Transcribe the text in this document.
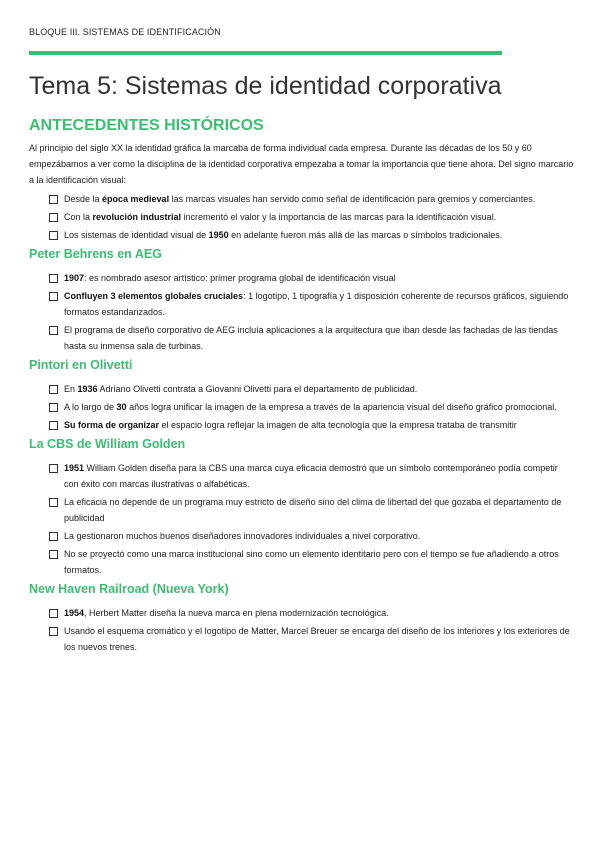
BLOQUE III. SISTEMAS DE IDENTIFICACIÓN
Tema 5: Sistemas de identidad corporativa
ANTECEDENTES HISTÓRICOS

Al principio del siglo XX la identidad gráfica la marcaba de forma individual cada empresa. Durante las décadas de los 50 y 60 empezábamos a ver como la disciplina de la identidad corporativa empezaba a tomar la importancia que tiene ahora. Del signo marcario a la identificación visual:

Desde la época medieval las marcas visuales han servido como señal de identificación para gremios y comerciantes.
Con la revolución industrial incrementó el valor y la importancia de las marcas para la identificación visual.
Los sistemas de identidad visual de 1950 en adelante fueron más allá de las marcas o símbolos tradicionales.
Peter Behrens en AEG
1907: es nombrado asesor artístico: primer programa global de identificación visual
Confluyen 3 elementos globales cruciales: 1 logotipo, 1 tipografía y 1 disposición coherente de recursos gráficos, siguiendo formatos estandarizados.
El programa de diseño corporativo de AEG incluía aplicaciones a la arquitectura que iban desde las fachadas de las tiendas hasta su inmensa sala de turbinas.
Pintori en Olivetti
En 1936 Adriano Olivetti contrata a Giovanni Olivetti para el departamento de publicidad.
A lo largo de 30 años logra unificar la imagen de la empresa a través de la apariencia visual del diseño gráfico promocional.
Su forma de organizar el espacio logra reflejar la imagen de alta tecnología que la empresa trataba de transmitir
La CBS de William Golden
1951 William Golden diseña para la CBS una marca cuya eficacia demostró que un símbolo contemporáneo podía competir con éxito con marcas ilustrativas o alfabéticas.
La eficacia no depende de un programa muy estricto de diseño sino del clima de libertad del que gozaba el departamento de publicidad
La gestionaron muchos buenos diseñadores innovadores individuales a nivel corporativo.
No se proyectó como una marca institucional sino como un elemento identitario pero con el tiempo se fue añadiendo a otros formatos.
New Haven Railroad (Nueva York)
1954, Herbert Matter diseña la nueva marca en plena modernización tecnológica.
Usando el esquema cromático y el logotipo de Matter, Marcel Breuer se encarga del diseño de los interiores y los exteriores de los nuevos trenes.
